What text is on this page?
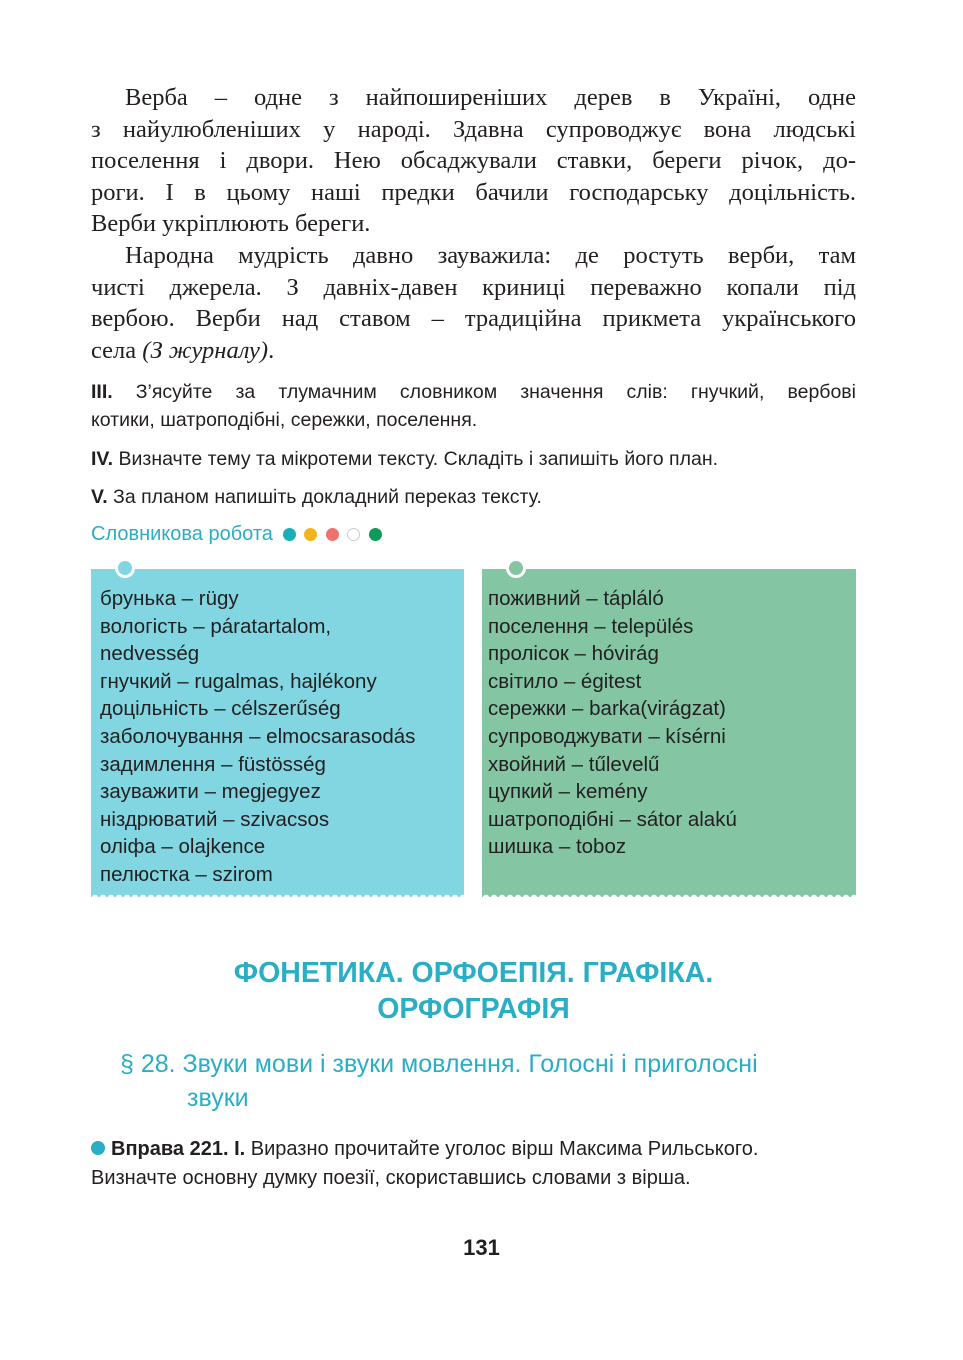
Верба – одне з найпоширеніших дерев в Україні, одне
з найулюбленіших у народі. Здавна супроводжує вона людські
поселення і двори. Нею обсаджували ставки, береги річок, до-
роги. І в цьому наші предки бачили господарську доцільність.
Верби укріплюють береги.
Народна мудрість давно зауважила: де ростуть верби, там
чисті джерела. З давніх-давен криниці переважно копали під
вербою. Верби над ставом – традиційна прикмета українського
села (З журналу).
III. З’ясуйте за тлумачним словником значення слів: гнучкий, вербові
котики, шатроподібні, сережки, поселення.
IV. Визначте тему та мікротеми тексту. Складіть і запишіть його план.
V. За планом напишіть докладний переказ тексту.
Словникова робота
брунька – rügy
вологість – páratartalom,
nedvesség
гнучкий – rugalmas, hajlékony
доцільність – célszerűség
заболочування – elmocsarasodás
задимлення – füstösség
зауважити – megjegyez
ніздрюватий – szivacsos
оліфа – olajkence
пелюстка – szirom
поживний – tápláló
поселення – település
пролісок – hóvirág
світило – égitest
сережки – barka(virágzat)
супроводжувати – kísérni
хвойний – tűlevelű
цупкий – kemény
шатроподібні – sátor alakú
шишка – toboz
ФОНЕТИКА. ОРФОЕПІЯ. ГРАФІКА.
ОРФОГРАФІЯ
§ 28. Звуки мови і звуки мовлення. Голосні і приголосні
звуки
Вправа 221. І. Виразно прочитайте уголос вірш Максима Рильського.
Визначте основну думку поезії, скориставшись словами з вірша.
131
